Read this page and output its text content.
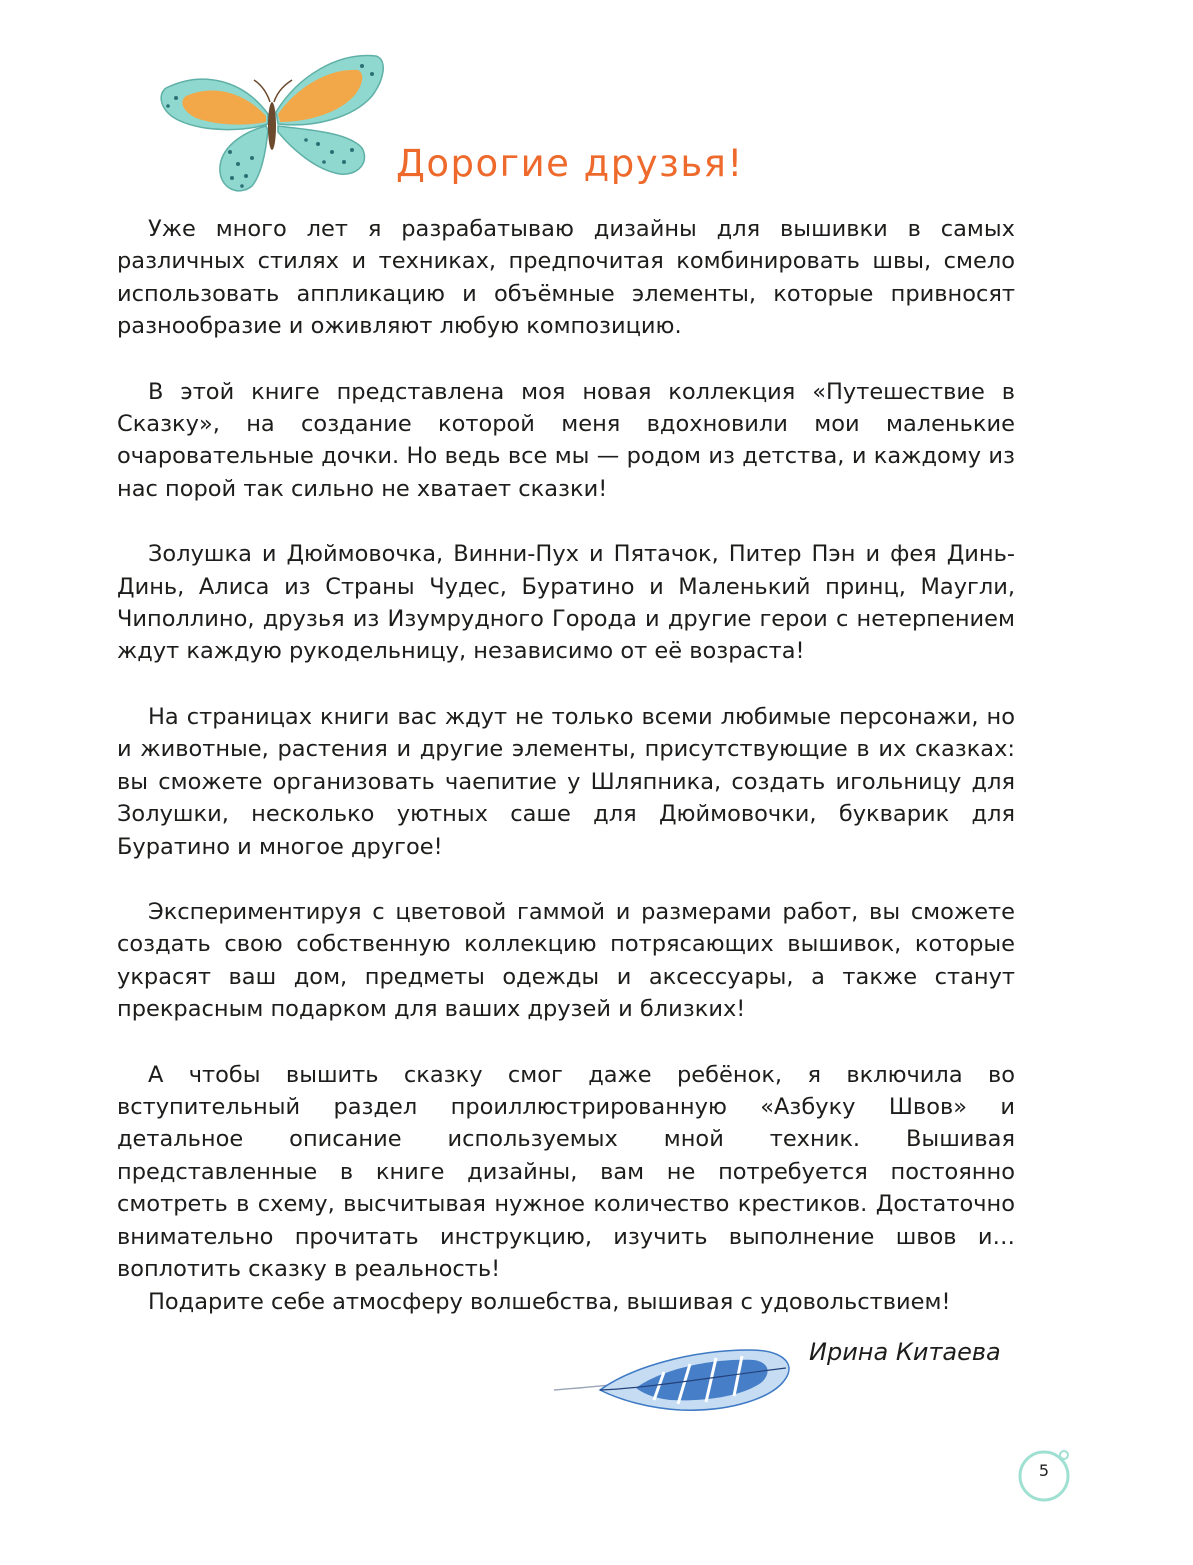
Дорогие друзья!

Уже много лет я разрабатываю дизайны для вышивки в самых различных стилях и техниках, предпочитая комбинировать швы, смело использовать аппликацию и объёмные элементы, которые привносят разнообразие и оживляют любую композицию.

В этой книге представлена моя новая коллекция «Путешествие в Сказку», на создание которой меня вдохновили мои маленькие очаровательные дочки. Но ведь все мы — родом из детства, и каждому из нас порой так сильно не хватает сказки!

Золушка и Дюймовочка, Винни-Пух и Пятачок, Питер Пэн и фея Динь-Динь, Алиса из Страны Чудес, Буратино и Маленький принц, Маугли, Чиполлино, друзья из Изумрудного Города и другие герои с нетерпением ждут каждую рукодельницу, независимо от её возраста!

На страницах книги вас ждут не только всеми любимые персонажи, но и животные, растения и другие элементы, присутствующие в их сказках: вы сможете организовать чаепитие у Шляпника, создать игольницу для Золушки, несколько уютных саше для Дюймовочки, букварик для Буратино и многое другое!

Экспериментируя с цветовой гаммой и размерами работ, вы сможете создать свою собственную коллекцию потрясающих вышивок, которые украсят ваш дом, предметы одежды и аксессуары, а также станут прекрасным подарком для ваших друзей и близких!

А чтобы вышить сказку смог даже ребёнок, я включила во вступительный раздел проиллюстрированную «Азбуку Швов» и детальное описание используемых мной техник. Вышивая представленные в книге дизайны, вам не потребуется постоянно смотреть в схему, высчитывая нужное количество крестиков. Достаточно внимательно прочитать инструкцию, изучить выполнение швов и… воплотить сказку в реальность!

Подарите себе атмосферу волшебства, вышивая с удовольствием!

Ирина Китаева

5
